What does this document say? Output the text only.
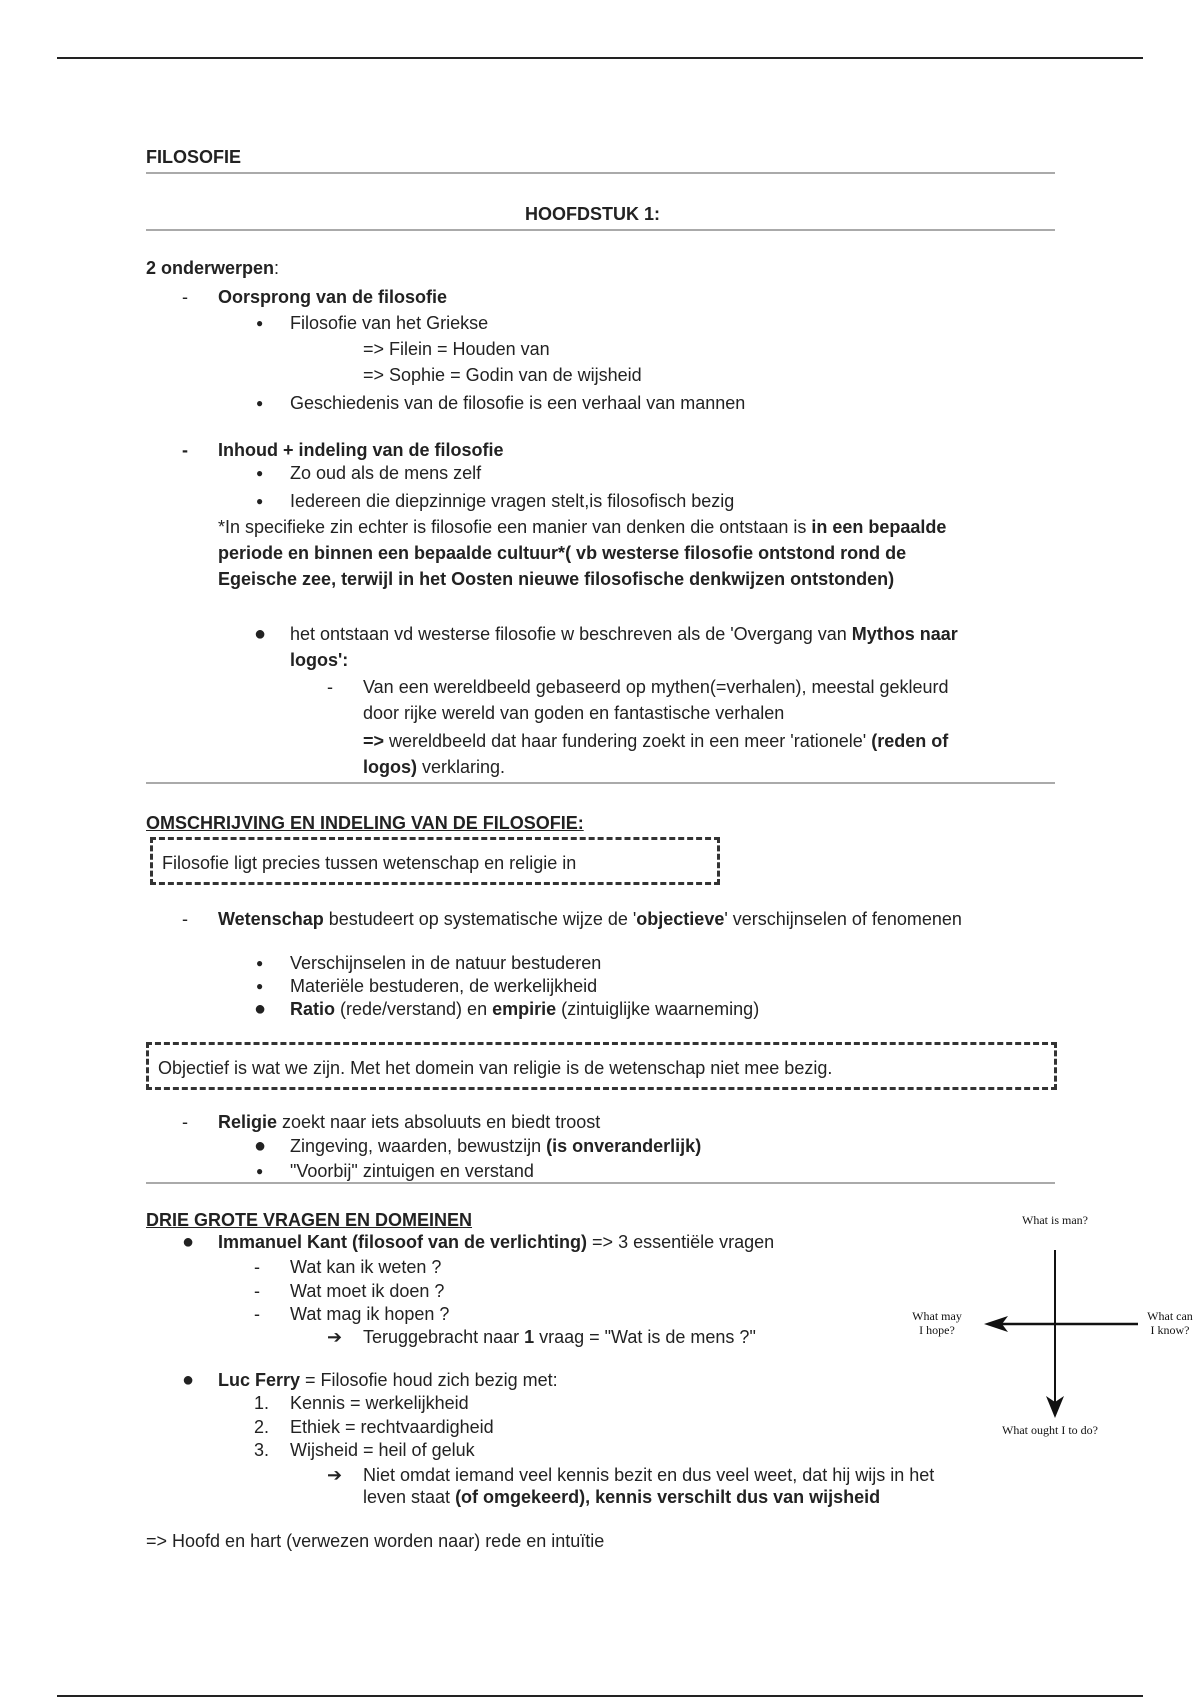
FILOSOFIE
HOOFDSTUK 1:
2 onderwerpen:
- Oorsprong van de filosofie
● Filosofie van het Griekse
=> Filein = Houden van
=> Sophie = Godin van de wijsheid
● Geschiedenis van de filosofie is een verhaal van mannen
- Inhoud + indeling van de filosofie
● Zo oud als de mens zelf
● Iedereen die diepzinnige vragen stelt,is filosofisch bezig
*In specifieke zin echter is filosofie een manier van denken die ontstaan is in een bepaalde
periode en binnen een bepaalde cultuur*( vb westerse filosofie ontstond rond de
Egeische zee, terwijl in het Oosten nieuwe filosofische denkwijzen ontstonden)
● het ontstaan vd westerse filosofie w beschreven als de 'Overgang van Mythos naar
logos':
- Van een wereldbeeld gebaseerd op mythen(=verhalen), meestal gekleurd
door rijke wereld van goden en fantastische verhalen
=> wereldbeeld dat haar fundering zoekt in een meer 'rationele' (reden of
logos) verklaring.
OMSCHRIJVING EN INDELING VAN DE FILOSOFIE:
Filosofie ligt precies tussen wetenschap en religie in
- Wetenschap bestudeert op systematische wijze de 'objectieve' verschijnselen of fenomenen
● Verschijnselen in de natuur bestuderen
● Materiële bestuderen, de werkelijkheid
● Ratio (rede/verstand) en empirie (zintuiglijke waarneming)
Objectief is wat we zijn. Met het domein van religie is de wetenschap niet mee bezig.
- Religie zoekt naar iets absoluuts en biedt troost
● Zingeving, waarden, bewustzijn (is onveranderlijk)
● "Voorbij" zintuigen en verstand
DRIE GROTE VRAGEN EN DOMEINEN
● Immanuel Kant (filosoof van de verlichting) => 3 essentiële vragen
- Wat kan ik weten ?
- Wat moet ik doen ?
- Wat mag ik hopen ?
➔ Teruggebracht naar 1 vraag = "Wat is de mens ?"
● Luc Ferry = Filosofie houd zich bezig met:
1. Kennis = werkelijkheid
2. Ethiek = rechtvaardigheid
3. Wijsheid = heil of geluk
➔ Niet omdat iemand veel kennis bezit en dus veel weet, dat hij wijs in het
leven staat (of omgekeerd), kennis verschilt dus van wijsheid
=> Hoofd en hart (verwezen worden naar) rede en intuïtie
What is man?
What may
I hope?
What can
I know?
What ought I to do?
